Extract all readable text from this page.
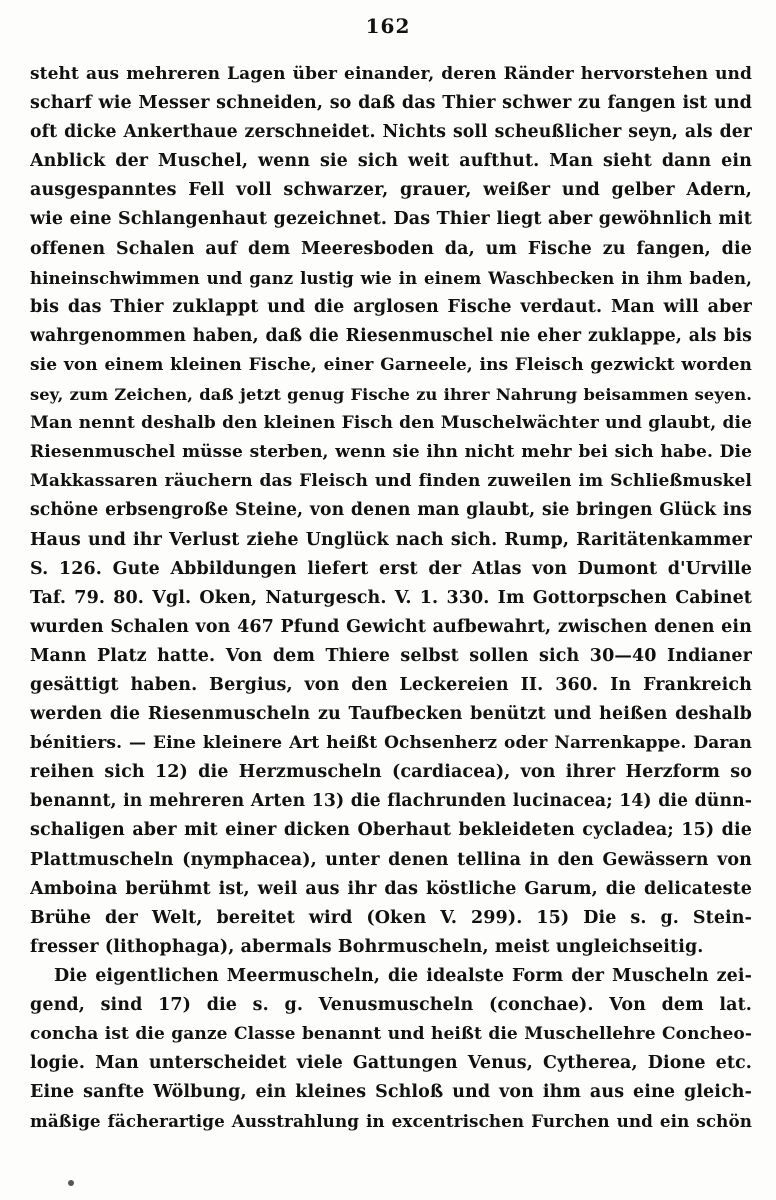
162
steht aus mehreren Lagen über einander, deren Ränder hervorstehen und
scharf wie Messer schneiden, so daß das Thier schwer zu fangen ist und
oft dicke Ankerthaue zerschneidet. Nichts soll scheußlicher seyn, als der
Anblick der Muschel, wenn sie sich weit aufthut. Man sieht dann ein
ausgespanntes Fell voll schwarzer, grauer, weißer und gelber Adern,
wie eine Schlangenhaut gezeichnet. Das Thier liegt aber gewöhnlich mit
offenen Schalen auf dem Meeresboden da, um Fische zu fangen, die
hineinschwimmen und ganz lustig wie in einem Waschbecken in ihm baden,
bis das Thier zuklappt und die arglosen Fische verdaut. Man will aber
wahrgenommen haben, daß die Riesenmuschel nie eher zuklappe, als bis
sie von einem kleinen Fische, einer Garneele, ins Fleisch gezwickt worden
sey, zum Zeichen, daß jetzt genug Fische zu ihrer Nahrung beisammen seyen.
Man nennt deshalb den kleinen Fisch den Muschelwächter und glaubt, die
Riesenmuschel müsse sterben, wenn sie ihn nicht mehr bei sich habe. Die
Makkassaren räuchern das Fleisch und finden zuweilen im Schließmuskel
schöne erbsengroße Steine, von denen man glaubt, sie bringen Glück ins
Haus und ihr Verlust ziehe Unglück nach sich. Rump, Raritätenkammer
S. 126. Gute Abbildungen liefert erst der Atlas von Dumont d'Urville
Taf. 79. 80. Vgl. Oken, Naturgesch. V. 1. 330. Im Gottorpschen Cabinet
wurden Schalen von 467 Pfund Gewicht aufbewahrt, zwischen denen ein
Mann Platz hatte. Von dem Thiere selbst sollen sich 30—40 Indianer
gesättigt haben. Bergius, von den Leckereien II. 360. In Frankreich
werden die Riesenmuscheln zu Taufbecken benützt und heißen deshalb
bénitiers. — Eine kleinere Art heißt Ochsenherz oder Narrenkappe. Daran
reihen sich 12) die Herzmuscheln (cardiacea), von ihrer Herzform so
benannt, in mehreren Arten 13) die flachrunden lucinacea; 14) die dünn-
schaligen aber mit einer dicken Oberhaut bekleideten cycladea; 15) die
Plattmuscheln (nymphacea), unter denen tellina in den Gewässern von
Amboina berühmt ist, weil aus ihr das köstliche Garum, die delicateste
Brühe der Welt, bereitet wird (Oken V. 299). 15) Die s. g. Stein-
fresser (lithophaga), abermals Bohrmuscheln, meist ungleichseitig.
Die eigentlichen Meermuscheln, die idealste Form der Muscheln zei-
gend, sind 17) die s. g. Venusmuscheln (conchae). Von dem lat.
concha ist die ganze Classe benannt und heißt die Muschellehre Concheo-
logie. Man unterscheidet viele Gattungen Venus, Cytherea, Dione etc.
Eine sanfte Wölbung, ein kleines Schloß und von ihm aus eine gleich-
mäßige fächerartige Ausstrahlung in excentrischen Furchen und ein schön
